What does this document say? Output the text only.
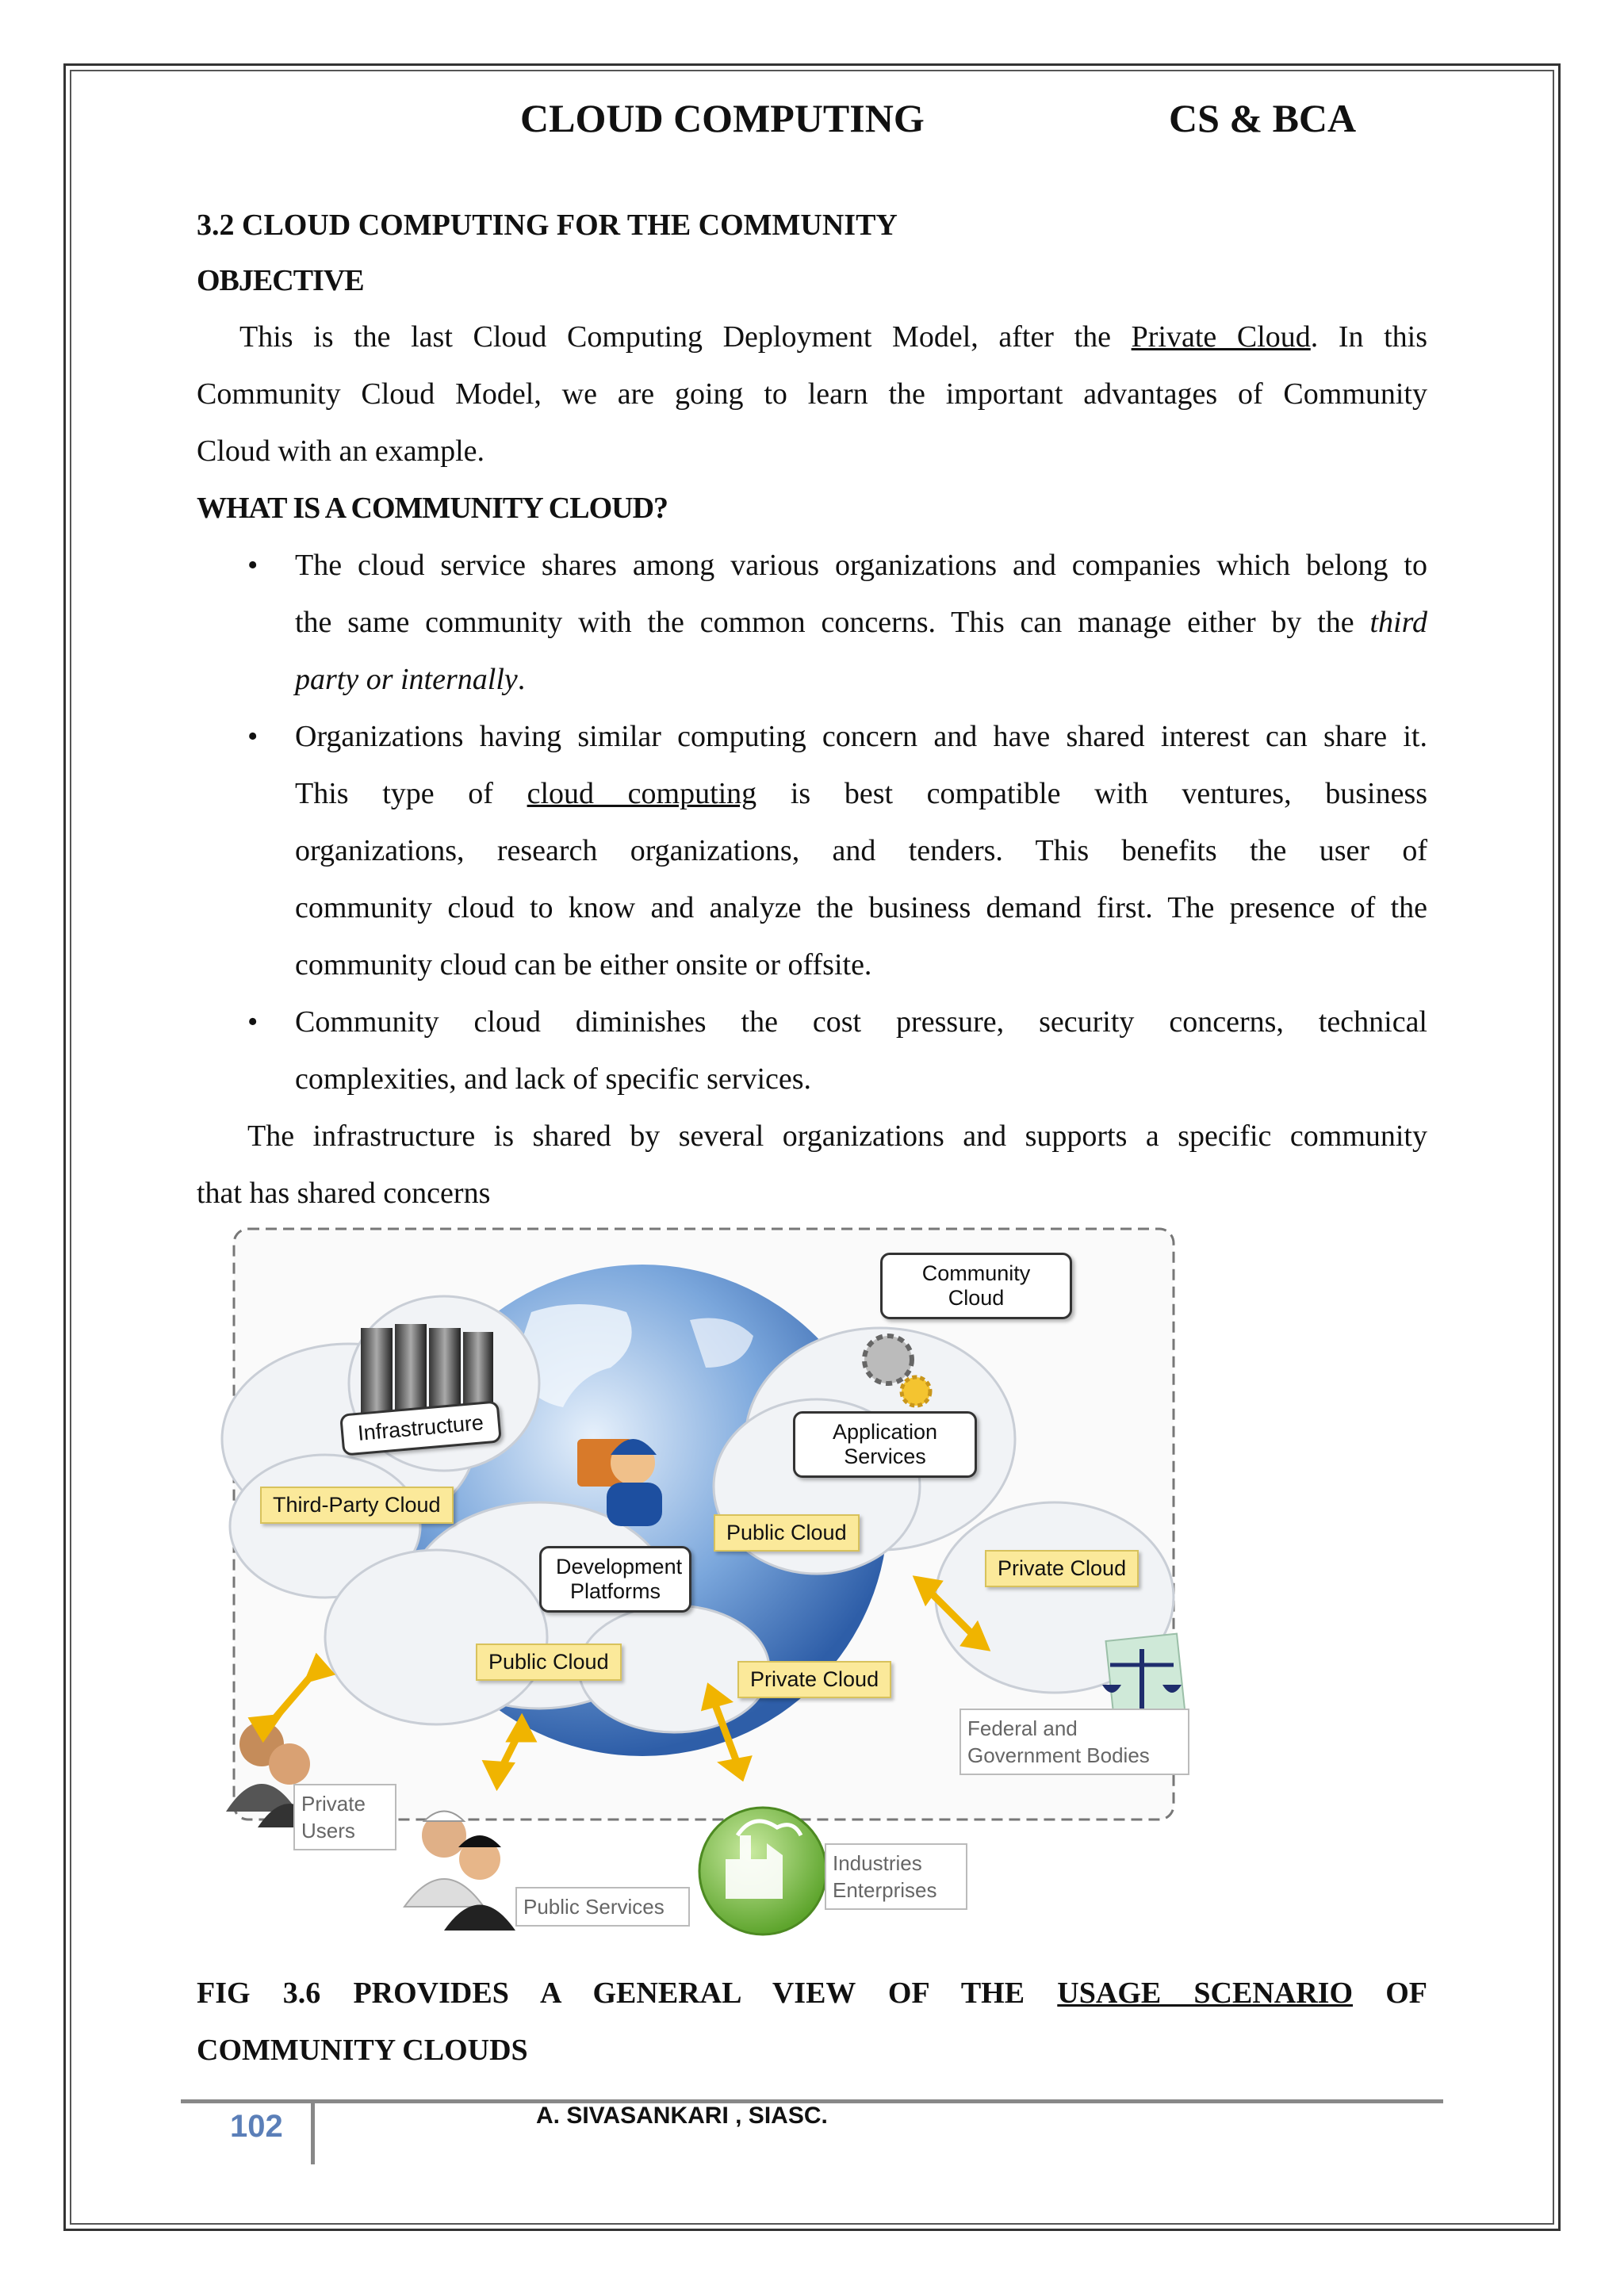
CLOUD COMPUTING	CS & BCA
3.2 CLOUD COMPUTING FOR THE COMMUNITY
OBJECTIVE
This is the last Cloud Computing Deployment Model, after the Private Cloud. In this
Community Cloud Model, we are going to learn the important advantages of Community
Cloud with an example.
WHAT IS A COMMUNITY CLOUD?
• The cloud service shares among various organizations and companies which belong to
the same community with the common concerns. This can manage either by the third
party or internally.
• Organizations having similar computing concern and have shared interest can share it.
This type of cloud computing is best compatible with ventures, business
organizations, research organizations, and tenders. This benefits the user of
community cloud to know and analyze the business demand first. The presence of the
community cloud can be either onsite or offsite.
• Community cloud diminishes the cost pressure, security concerns, technical
complexities, and lack of specific services.
The infrastructure is shared by several organizations and supports a specific community
that has shared concerns
Community Cloud
Infrastructure
Third-Party Cloud
Application Services
Public Cloud
Private Cloud
Development Platforms
Public Cloud
Private Cloud
Federal and Government Bodies
Private Users
Public Services
Industries Enterprises
FIG 3.6 PROVIDES A GENERAL VIEW OF THE USAGE SCENARIO OF
COMMUNITY CLOUDS
102	A. SIVASANKARI , SIASC.
